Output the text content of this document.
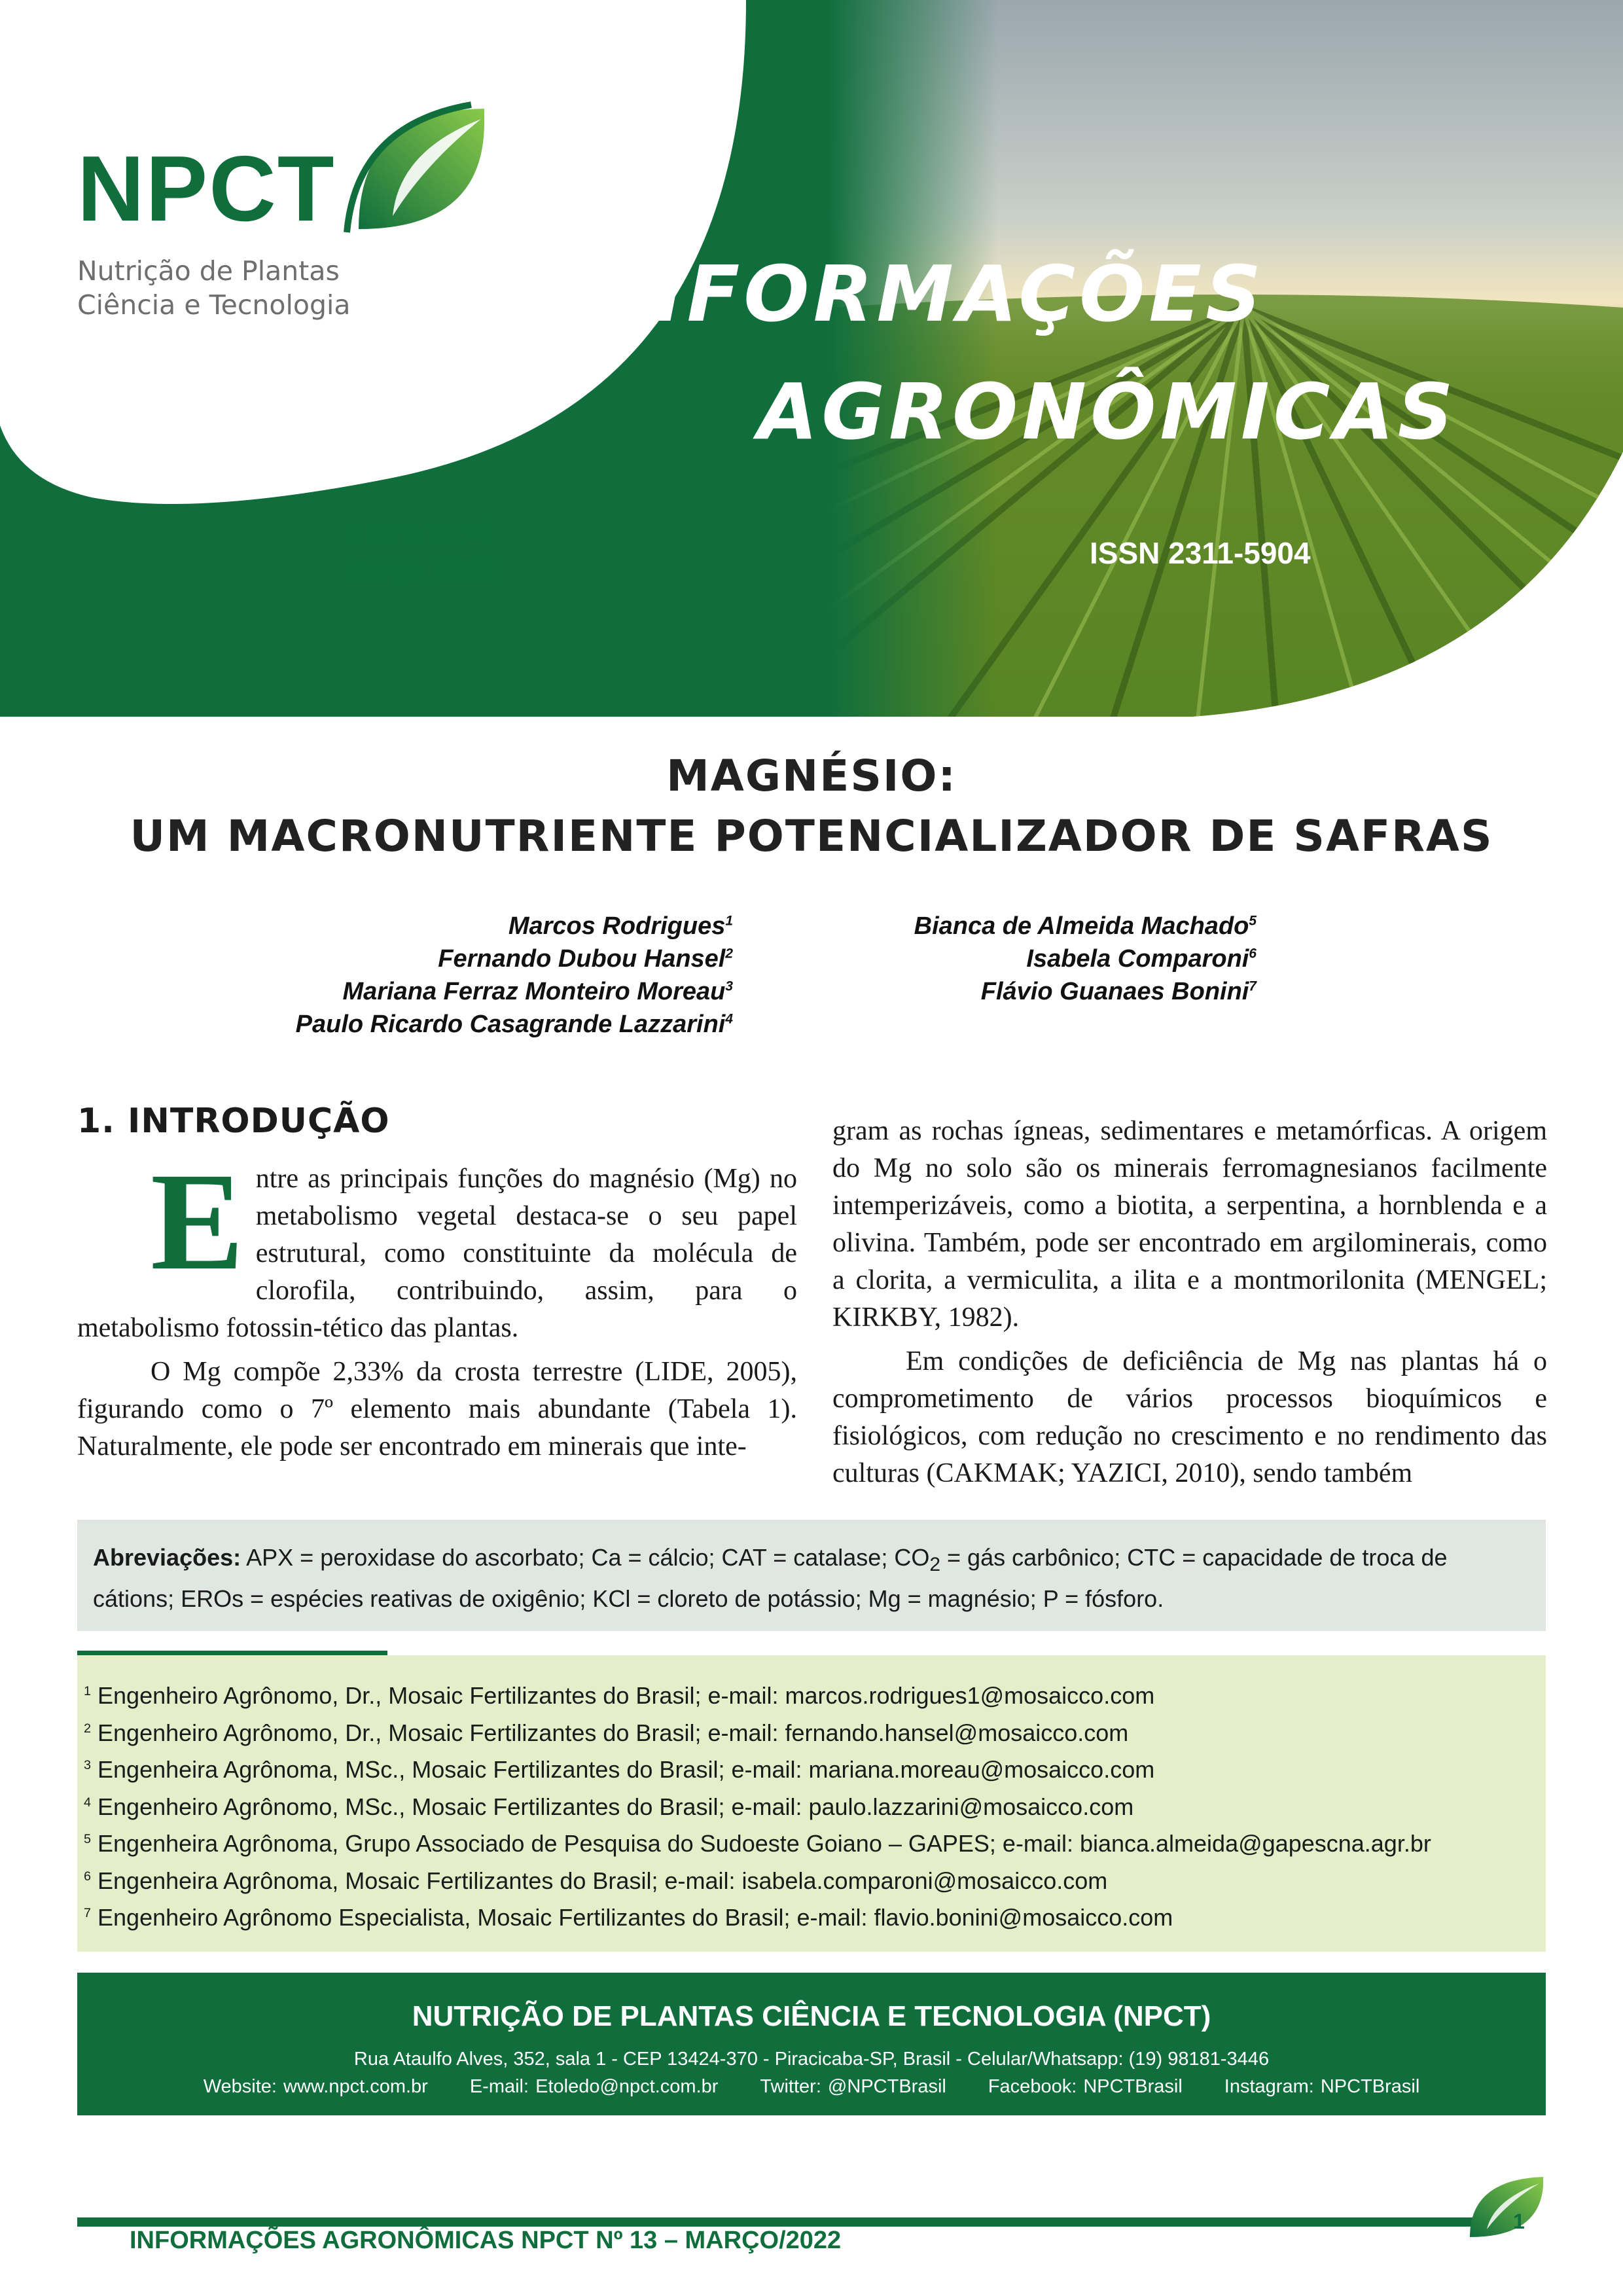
NPCT
Nutrição de Plantas
Ciência e Tecnologia	INFORMAÇÕES
AGRONÔMICAS
Número 13
Março 2022
ISSN 2311-5904
MAGNÉSIO:
UM MACRONUTRIENTE POTENCIALIZADOR DE SAFRAS
Marcos Rodrigues$^1$
Fernando Dubou Hansel$^2$
Mariana Ferraz Monteiro Moreau$^3$
Paulo Ricardo Casagrande Lazzarini$^4$
Bianca de Almeida Machado$^5$
Isabela Comparoni$^6$
Flávio Guanaes Bonini$^7$
1. INTRODUÇÃO

Entre as principais funções do magnésio (Mg) no metabolismo vegetal destaca-se o seu papel estrutural, como constituinte da molécula de clorofila, contribuindo, assim, para o metabolismo fotossin-tético das plantas.

O Mg compõe 2,33% da crosta terrestre (LIDE, 2005), figurando como o 7º elemento mais abundante (Tabela 1). Naturalmente, ele pode ser encontrado em minerais que inte-

gram as rochas ígneas, sedimentares e metamórficas. A origem do Mg no solo são os minerais ferromagnesianos facilmente intemperizáveis, como a biotita, a serpentina, a hornblenda e a olivina. Também, pode ser encontrado em argilominerais, como a clorita, a vermiculita, a ilita e a montmorilonita (MENGEL; KIRKBY, 1982).

Em condições de deficiência de Mg nas plantas há o comprometimento de vários processos bioquímicos e fisiológicos, com redução no crescimento e no rendimento das culturas (CAKMAK; YAZICI, 2010), sendo também

Abreviações: APX = peroxidase do ascorbato; Ca = cálcio; CAT = catalase; $CO_2$ = gás carbônico; CTC = capacidade de troca de cátions; EROs = espécies reativas de oxigênio; KCl = cloreto de potássio; Mg = magnésio; P = fósforo.
$^1$ Engenheiro Agrônomo, Dr., Mosaic Fertilizantes do Brasil; e-mail: marcos.rodrigues1@mosaicco.com
$^2$ Engenheiro Agrônomo, Dr., Mosaic Fertilizantes do Brasil; e-mail: fernando.hansel@mosaicco.com
$^3$ Engenheira Agrônoma, MSc., Mosaic Fertilizantes do Brasil; e-mail: mariana.moreau@mosaicco.com
$^4$ Engenheiro Agrônomo, MSc., Mosaic Fertilizantes do Brasil; e-mail: paulo.lazzarini@mosaicco.com
$^5$ Engenheira Agrônoma, Grupo Associado de Pesquisa do Sudoeste Goiano – GAPES; e-mail: bianca.almeida@gapescna.agr.br
$^6$ Engenheira Agrônoma, Mosaic Fertilizantes do Brasil; e-mail: isabela.comparoni@mosaicco.com
$^7$ Engenheiro Agrônomo Especialista, Mosaic Fertilizantes do Brasil; e-mail: flavio.bonini@mosaicco.com
NUTRIÇÃO DE PLANTAS CIÊNCIA E TECNOLOGIA (NPCT)
Rua Ataulfo Alves, 352, sala 1 - CEP 13424-370 - Piracicaba-SP, Brasil - Celular/Whatsapp: (19) 98181-3446
Website: www.npct.com.br E-mail: Etoledo@npct.com.br Twitter: @NPCTBrasil Facebook: NPCTBrasil Instagram: NPCTBrasil
1
INFORMAÇÕES AGRONÔMICAS NPCT Nº 13 – MARÇO/2022
